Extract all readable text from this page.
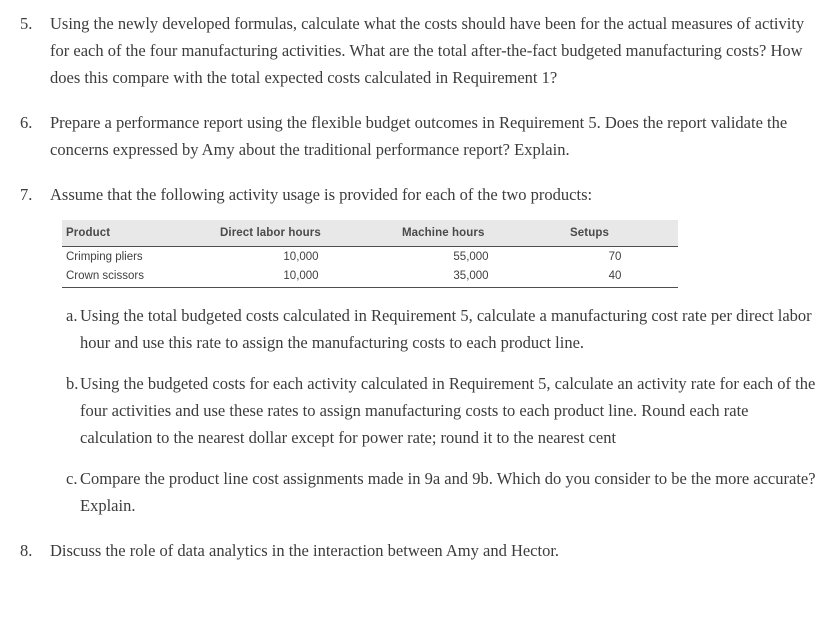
5.	Using the newly developed formulas, calculate what the costs should have been for the actual measures of activity for each of the four manufacturing activities. What are the total after-the-fact budgeted manufacturing costs? How does this compare with the total expected costs calculated in Requirement 1?
6.	Prepare a performance report using the flexible budget outcomes in Requirement 5. Does the report validate the concerns expressed by Amy about the traditional performance report? Explain.
7.	Assume that the following activity usage is provided for each of the two products:
Product	Direct labor hours	Machine hours	Setups
Crimping pliers	10,000	55,000	70
Crown scissors	10,000	35,000	40
a. Using the total budgeted costs calculated in Requirement 5, calculate a manufacturing cost rate per direct labor hour and use this rate to assign the manufacturing costs to each product line.
b. Using the budgeted costs for each activity calculated in Requirement 5, calculate an activity rate for each of the four activities and use these rates to assign manufacturing costs to each product line. Round each rate calculation to the nearest dollar except for power rate; round it to the nearest cent
c. Compare the product line cost assignments made in 9a and 9b. Which do you consider to be the more accurate? Explain.
8.	Discuss the role of data analytics in the interaction between Amy and Hector.
